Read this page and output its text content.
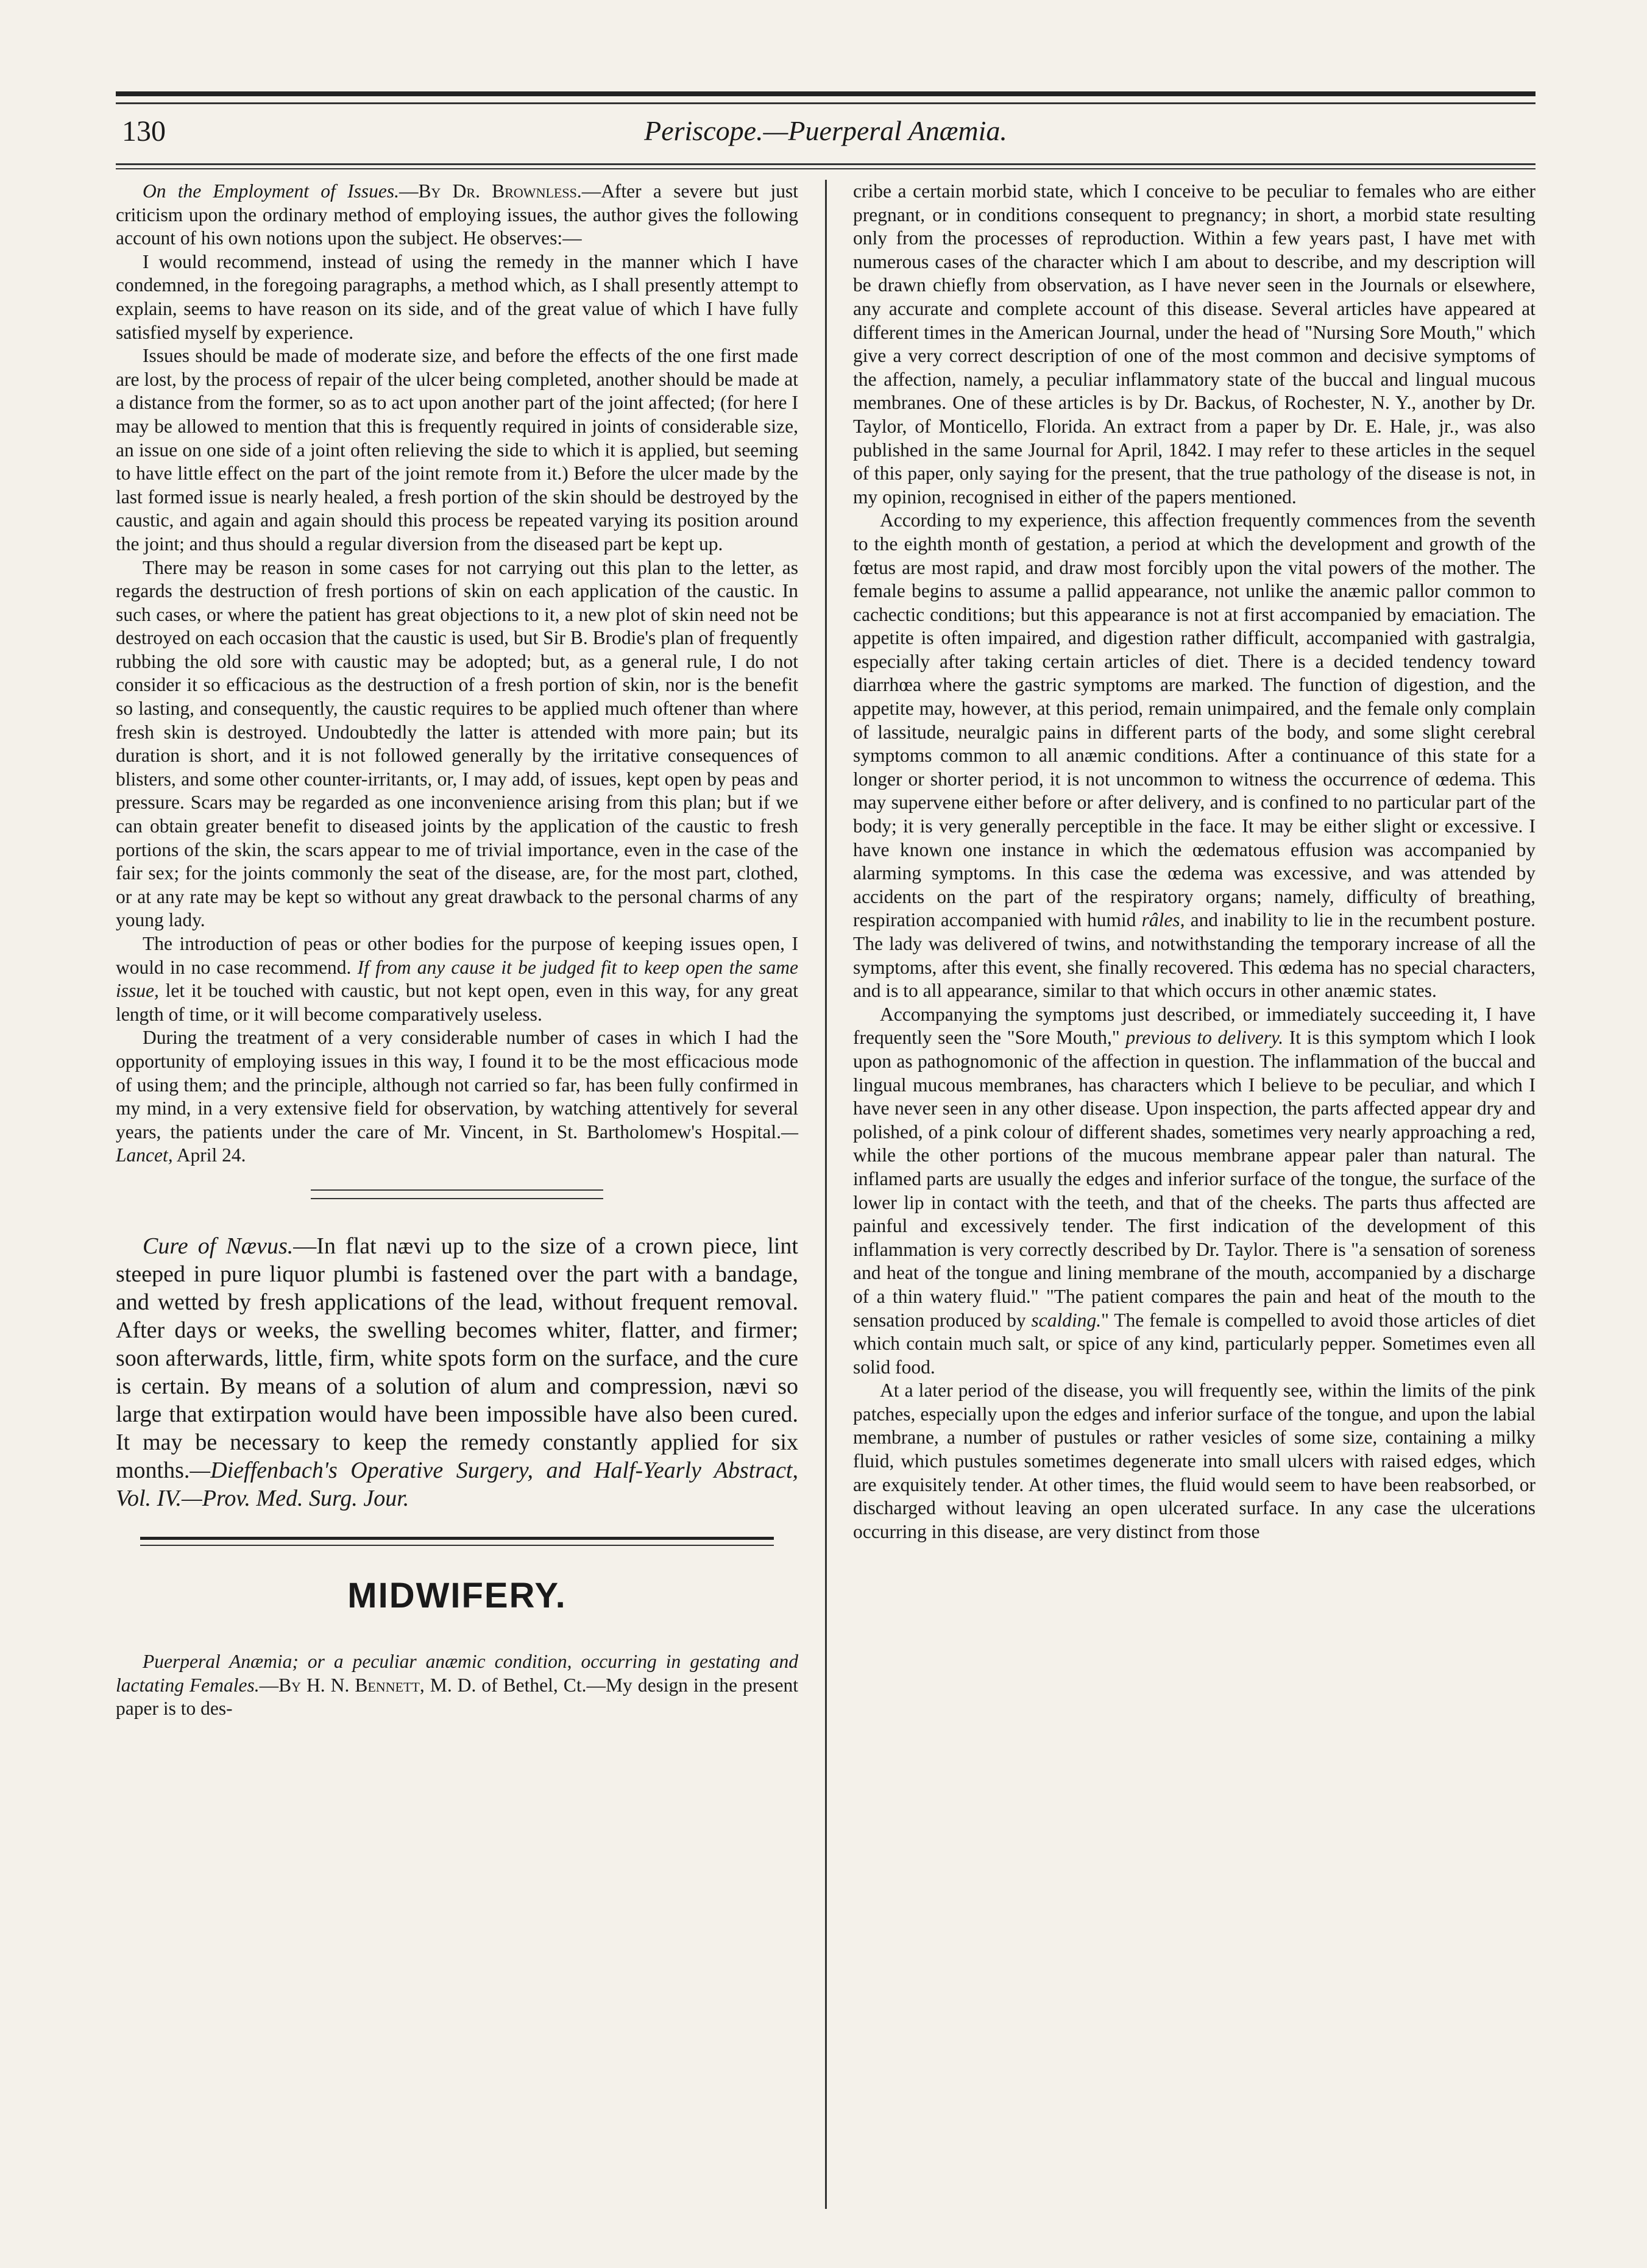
130	Periscope.—Puerperal Anæmia.

On the Employment of Issues.—By Dr. Brownless.—After a severe but just criticism upon the ordinary method of employing issues, the author gives the following account of his own notions upon the subject. He observes:—

I would recommend, instead of using the remedy in the manner which I have condemned, in the foregoing paragraphs, a method which, as I shall presently attempt to explain, seems to have reason on its side, and of the great value of which I have fully satisfied myself by experience.

Issues should be made of moderate size, and before the effects of the one first made are lost, by the process of repair of the ulcer being completed, another should be made at a distance from the former, so as to act upon another part of the joint affected; (for here I may be allowed to mention that this is frequently required in joints of considerable size, an issue on one side of a joint often relieving the side to which it is applied, but seeming to have little effect on the part of the joint remote from it.) Before the ulcer made by the last formed issue is nearly healed, a fresh portion of the skin should be destroyed by the caustic, and again and again should this process be repeated varying its position around the joint; and thus should a regular diversion from the diseased part be kept up.

There may be reason in some cases for not carrying out this plan to the letter, as regards the destruction of fresh portions of skin on each application of the caustic. In such cases, or where the patient has great objections to it, a new plot of skin need not be destroyed on each occasion that the caustic is used, but Sir B. Brodie's plan of frequently rubbing the old sore with caustic may be adopted; but, as a general rule, I do not consider it so efficacious as the destruction of a fresh portion of skin, nor is the benefit so lasting, and consequently, the caustic requires to be applied much oftener than where fresh skin is destroyed. Undoubtedly the latter is attended with more pain; but its duration is short, and it is not followed generally by the irritative consequences of blisters, and some other counter-irritants, or, I may add, of issues, kept open by peas and pressure. Scars may be regarded as one inconvenience arising from this plan; but if we can obtain greater benefit to diseased joints by the application of the caustic to fresh portions of the skin, the scars appear to me of trivial importance, even in the case of the fair sex; for the joints commonly the seat of the disease, are, for the most part, clothed, or at any rate may be kept so without any great drawback to the personal charms of any young lady.

The introduction of peas or other bodies for the purpose of keeping issues open, I would in no case recommend. If from any cause it be judged fit to keep open the same issue, let it be touched with caustic, but not kept open, even in this way, for any great length of time, or it will become comparatively useless.

During the treatment of a very considerable number of cases in which I had the opportunity of employing issues in this way, I found it to be the most efficacious mode of using them; and the principle, although not carried so far, has been fully confirmed in my mind, in a very extensive field for observation, by watching attentively for several years, the patients under the care of Mr. Vincent, in St. Bartholomew's Hospital.—Lancet, April 24.

Cure of Nævus.—In flat nævi up to the size of a crown piece, lint steeped in pure liquor plumbi is fastened over the part with a bandage, and wetted by fresh applications of the lead, without frequent removal. After days or weeks, the swelling becomes whiter, flatter, and firmer; soon afterwards, little, firm, white spots form on the surface, and the cure is certain. By means of a solution of alum and compression, nævi so large that extirpation would have been impossible have also been cured. It may be necessary to keep the remedy constantly applied for six months.—Dieffenbach's Operative Surgery, and Half-Yearly Abstract, Vol. IV.—Prov. Med. Surg. Jour.

MIDWIFERY.

Puerperal Anæmia; or a peculiar anæmic condition, occurring in gestating and lactating Females.—By H. N. Bennett, M. D. of Bethel, Ct.—My design in the present paper is to des-

cribe a certain morbid state, which I conceive to be peculiar to females who are either pregnant, or in conditions consequent to pregnancy; in short, a morbid state resulting only from the processes of reproduction. Within a few years past, I have met with numerous cases of the character which I am about to describe, and my description will be drawn chiefly from observation, as I have never seen in the Journals or elsewhere, any accurate and complete account of this disease. Several articles have appeared at different times in the American Journal, under the head of "Nursing Sore Mouth," which give a very correct description of one of the most common and decisive symptoms of the affection, namely, a peculiar inflammatory state of the buccal and lingual mucous membranes. One of these articles is by Dr. Backus, of Rochester, N. Y., another by Dr. Taylor, of Monticello, Florida. An extract from a paper by Dr. E. Hale, jr., was also published in the same Journal for April, 1842. I may refer to these articles in the sequel of this paper, only saying for the present, that the true pathology of the disease is not, in my opinion, recognised in either of the papers mentioned.

According to my experience, this affection frequently commences from the seventh to the eighth month of gestation, a period at which the development and growth of the fœtus are most rapid, and draw most forcibly upon the vital powers of the mother. The female begins to assume a pallid appearance, not unlike the anæmic pallor common to cachectic conditions; but this appearance is not at first accompanied by emaciation. The appetite is often impaired, and digestion rather difficult, accompanied with gastralgia, especially after taking certain articles of diet. There is a decided tendency toward diarrhœa where the gastric symptoms are marked. The function of digestion, and the appetite may, however, at this period, remain unimpaired, and the female only complain of lassitude, neuralgic pains in different parts of the body, and some slight cerebral symptoms common to all anæmic conditions. After a continuance of this state for a longer or shorter period, it is not uncommon to witness the occurrence of œdema. This may supervene either before or after delivery, and is confined to no particular part of the body; it is very generally perceptible in the face. It may be either slight or excessive. I have known one instance in which the œdematous effusion was accompanied by alarming symptoms. In this case the œdema was excessive, and was attended by accidents on the part of the respiratory organs; namely, difficulty of breathing, respiration accompanied with humid râles, and inability to lie in the recumbent posture. The lady was delivered of twins, and notwithstanding the temporary increase of all the symptoms, after this event, she finally recovered. This œdema has no special characters, and is to all appearance, similar to that which occurs in other anæmic states.

Accompanying the symptoms just described, or immediately succeeding it, I have frequently seen the "Sore Mouth," previous to delivery. It is this symptom which I look upon as pathognomonic of the affection in question. The inflammation of the buccal and lingual mucous membranes, has characters which I believe to be peculiar, and which I have never seen in any other disease. Upon inspection, the parts affected appear dry and polished, of a pink colour of different shades, sometimes very nearly approaching a red, while the other portions of the mucous membrane appear paler than natural. The inflamed parts are usually the edges and inferior surface of the tongue, the surface of the lower lip in contact with the teeth, and that of the cheeks. The parts thus affected are painful and excessively tender. The first indication of the development of this inflammation is very correctly described by Dr. Taylor. There is "a sensation of soreness and heat of the tongue and lining membrane of the mouth, accompanied by a discharge of a thin watery fluid." "The patient compares the pain and heat of the mouth to the sensation produced by scalding." The female is compelled to avoid those articles of diet which contain much salt, or spice of any kind, particularly pepper. Sometimes even all solid food.

At a later period of the disease, you will frequently see, within the limits of the pink patches, especially upon the edges and inferior surface of the tongue, and upon the labial membrane, a number of pustules or rather vesicles of some size, containing a milky fluid, which pustules sometimes degenerate into small ulcers with raised edges, which are exquisitely tender. At other times, the fluid would seem to have been reabsorbed, or discharged without leaving an open ulcerated surface. In any case the ulcerations occurring in this disease, are very distinct from those
